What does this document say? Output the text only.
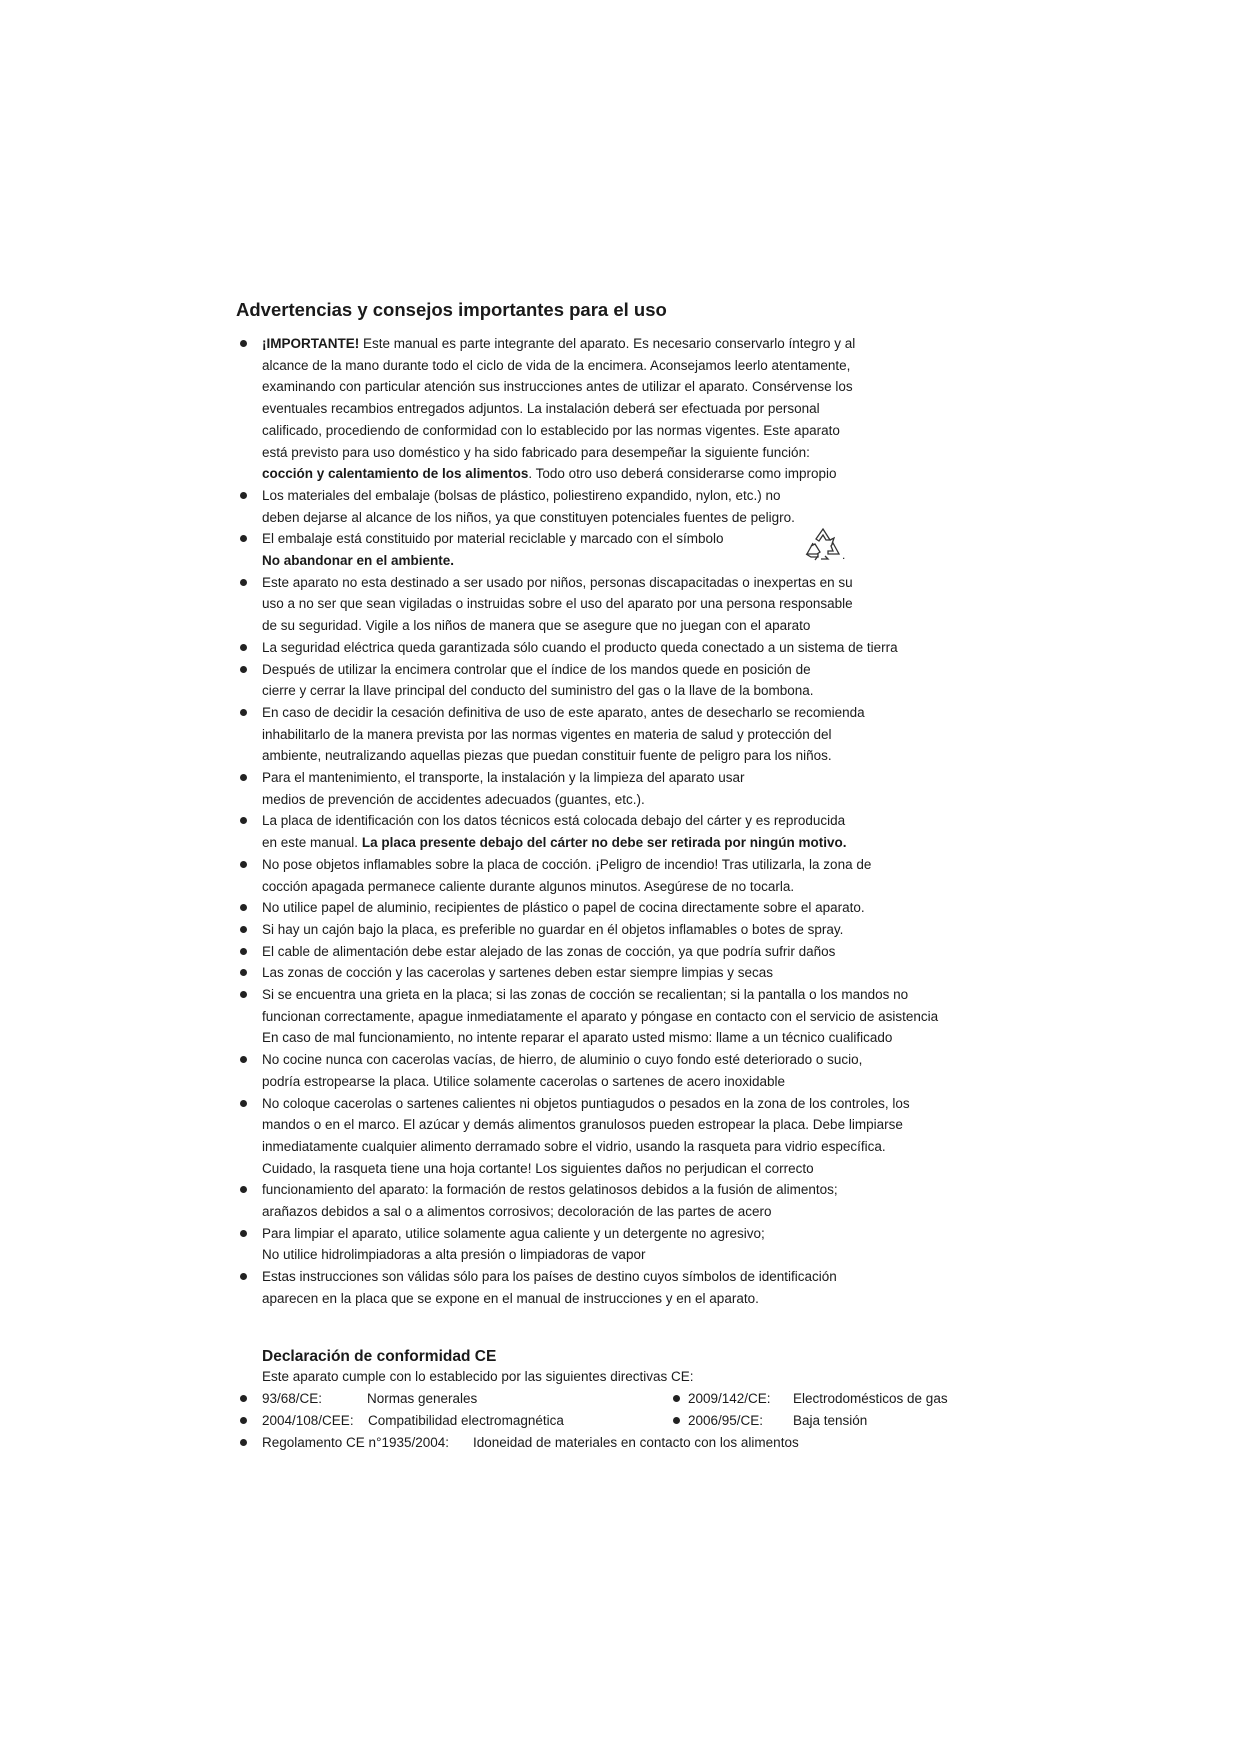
Advertencias y consejos importantes para el uso
¡IMPORTANTE! Este manual es parte integrante del aparato. Es necesario conservarlo íntegro y al
alcance de la mano durante todo el ciclo de vida de la encimera. Aconsejamos leerlo atentamente,
examinando con particular atención sus instrucciones antes de utilizar el aparato. Consérvense los
eventuales recambios entregados adjuntos. La instalación deberá ser efectuada por personal
calificado, procediendo de conformidad con lo establecido por las normas vigentes. Este aparato
está previsto para uso doméstico y ha sido fabricado para desempeñar la siguiente función:
cocción y calentamiento de los alimentos. Todo otro uso deberá considerarse como impropio
Los materiales del embalaje (bolsas de plástico, poliestireno expandido, nylon, etc.) no
deben dejarse al alcance de los niños, ya que constituyen potenciales fuentes de peligro.
El embalaje está constituido por material reciclable y marcado con el símbolo
No abandonar en el ambiente.
Este aparato no esta destinado a ser usado por niños, personas discapacitadas o inexpertas en su
uso a no ser que sean vigiladas o instruidas sobre el uso del aparato por una persona responsable
de su seguridad. Vigile a los niños de manera que se asegure que no juegan con el aparato
La seguridad eléctrica queda garantizada sólo cuando el producto queda conectado a un sistema de tierra
Después de utilizar la encimera controlar que el índice de los mandos quede en posición de
cierre y cerrar la llave principal del conducto del suministro del gas o la llave de la bombona.
En caso de decidir la cesación definitiva de uso de este aparato, antes de desecharlo se recomienda
inhabilitarlo de la manera prevista por las normas vigentes en materia de salud y protección del
ambiente, neutralizando aquellas piezas que puedan constituir fuente de peligro para los niños.
Para el mantenimiento, el transporte, la instalación y la limpieza del aparato usar
medios de prevención de accidentes adecuados (guantes, etc.).
La placa de identificación con los datos técnicos está colocada debajo del cárter y es reproducida
en este manual. La placa presente debajo del cárter no debe ser retirada por ningún motivo.
No pose objetos inflamables sobre la placa de cocción. ¡Peligro de incendio! Tras utilizarla, la zona de
cocción apagada permanece caliente durante algunos minutos. Asegúrese de no tocarla.
No utilice papel de aluminio, recipientes de plástico o papel de cocina directamente sobre el aparato.
Si hay un cajón bajo la placa, es preferible no guardar en él objetos inflamables o botes de spray.
El cable de alimentación debe estar alejado de las zonas de cocción, ya que podría sufrir daños
Las zonas de cocción y las cacerolas y sartenes deben estar siempre limpias y secas
Si se encuentra una grieta en la placa; si las zonas de cocción se recalientan; si la pantalla o los mandos no
funcionan correctamente, apague inmediatamente el aparato y póngase en contacto con el servicio de asistencia
En caso de mal funcionamiento, no intente reparar el aparato usted mismo: llame a un técnico cualificado
No cocine nunca con cacerolas vacías, de hierro, de aluminio o cuyo fondo esté deteriorado o sucio,
podría estropearse la placa. Utilice solamente cacerolas o sartenes de acero inoxidable
No coloque cacerolas o sartenes calientes ni objetos puntiagudos o pesados en la zona de los controles, los
mandos o en el marco. El azúcar y demás alimentos granulosos pueden estropear la placa. Debe limpiarse
inmediatamente cualquier alimento derramado sobre el vidrio, usando la rasqueta para vidrio específica.
Cuidado, la rasqueta tiene una hoja cortante! Los siguientes daños no perjudican el correcto
funcionamiento del aparato: la formación de restos gelatinosos debidos a la fusión de alimentos;
arañazos debidos a sal o a alimentos corrosivos; decoloración de las partes de acero
Para limpiar el aparato, utilice solamente agua caliente y un detergente no agresivo;
No utilice hidrolimpiadoras a alta presión o limpiadoras de vapor
Estas instrucciones son válidas sólo para los países de destino cuyos símbolos de identificación
aparecen en la placa que se expone en el manual de instrucciones y en el aparato.
.
Declaración de conformidad CE
Este aparato cumple con lo establecido por las siguientes directivas CE:
93/68/CE:	Normas generales	2009/142/CE: Electrodomésticos de gas
2004/108/CEE: Compatibilidad electromagnética	2006/95/CE: Baja tensión
Regolamento CE n°1935/2004: Idoneidad de materiales en contacto con los alimentos
